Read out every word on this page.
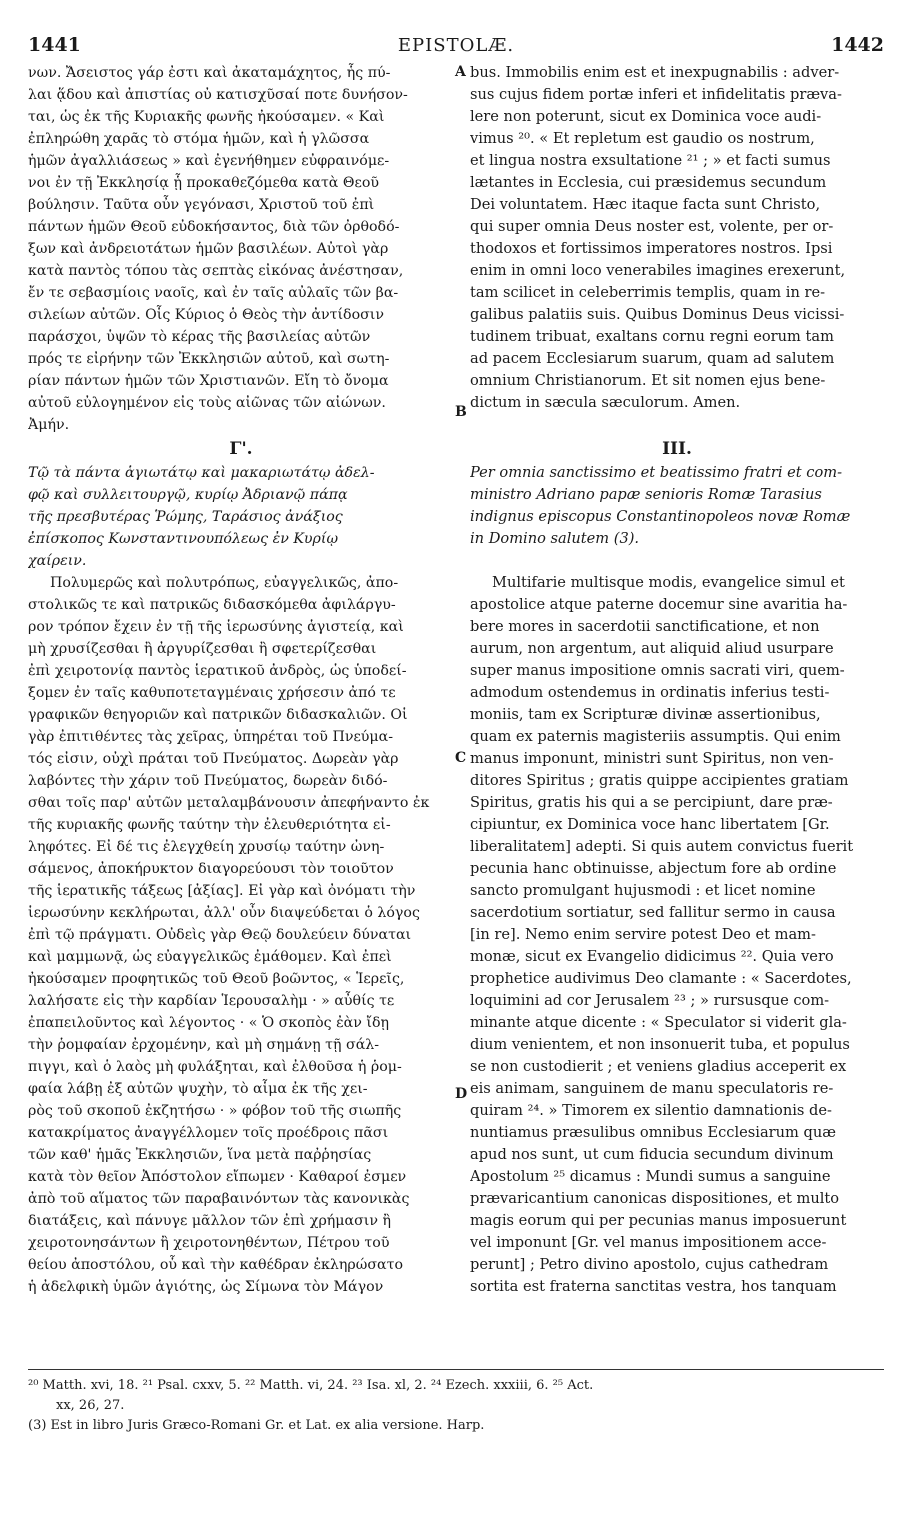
1441	EPISTOLÆ.	1442
νων. Ἄσειστος γάρ ἐστι καὶ ἀκαταμάχητος, ἧς πύ-
λαι ᾅδου καὶ ἀπιστίας οὐ κατισχῦσαί ποτε δυνήσον-
ται, ὡς ἐκ τῆς Κυριακῆς φωνῆς ἠκούσαμεν. « Καὶ
ἐπληρώθη χαρᾶς τὸ στόμα ἡμῶν, καὶ ἡ γλῶσσα
ἡμῶν ἀγαλλιάσεως » καὶ ἐγενήθημεν εὐφραινόμε-
νοι ἐν τῇ Ἐκκλησίᾳ ᾗ προκαθεζόμεθα κατὰ Θεοῦ
βούλησιν. Ταῦτα οὖν γεγόνασι, Χριστοῦ τοῦ ἐπὶ
πάντων ἡμῶν Θεοῦ εὐδοκήσαντος, διὰ τῶν ὀρθοδό-
ξων καὶ ἀνδρειοτάτων ἡμῶν βασιλέων. Αὐτοὶ γὰρ
κατὰ παντὸς τόπου τὰς σεπτὰς εἰκόνας ἀνέστησαν,
ἔν τε σεβασμίοις ναοῖς, καὶ ἐν ταῖς αὐλαῖς τῶν βα-
σιλείων αὐτῶν. Οἷς Κύριος ὁ Θεὸς τὴν ἀντίδοσιν
παράσχοι, ὑψῶν τὸ κέρας τῆς βασιλείας αὐτῶν
πρός τε εἰρήνην τῶν Ἐκκλησιῶν αὐτοῦ, καὶ σωτη-
ρίαν πάντων ἡμῶν τῶν Χριστιανῶν. Εἴη τὸ ὄνομα
αὐτοῦ εὐλογημένον εἰς τοὺς αἰῶνας τῶν αἰώνων.
Ἀμήν.
Γ'.
Τῷ τὰ πάντα ἁγιωτάτῳ καὶ μακαριωτάτῳ ἀδελ-
φῷ καὶ συλλειτουργῷ, κυρίῳ Ἀδριανῷ πάπᾳ
τῆς πρεσβυτέρας Ῥώμης, Ταράσιος ἀνάξιος
ἐπίσκοπος Κωνσταντινουπόλεως ἐν Κυρίῳ
χαίρειν.
Πολυμερῶς καὶ πολυτρόπως, εὐαγγελικῶς, ἀπο-
στολικῶς τε καὶ πατρικῶς διδασκόμεθα ἀφιλάργυ-
ρον τρόπον ἔχειν ἐν τῇ τῆς ἱερωσύνης ἁγιστείᾳ, καὶ
μὴ χρυσίζεσθαι ἢ ἀργυρίζεσθαι ἢ σφετερίζεσθαι
ἐπὶ χειροτονίᾳ παντὸς ἱερατικοῦ ἀνδρὸς, ὡς ὑποδεί-
ξομεν ἐν ταῖς καθυποτεταγμέναις χρήσεσιν ἀπό τε
γραφικῶν θεηγοριῶν καὶ πατρικῶν διδασκαλιῶν. Οἱ
γὰρ ἐπιτιθέντες τὰς χεῖρας, ὑπηρέται τοῦ Πνεύμα-
τός εἰσιν, οὐχὶ πράται τοῦ Πνεύματος. Δωρεὰν γὰρ
λαβόντες τὴν χάριν τοῦ Πνεύματος, δωρεὰν διδό-
σθαι τοῖς παρ' αὐτῶν μεταλαμβάνουσιν ἀπεφήναντο ἐκ
τῆς κυριακῆς φωνῆς ταύτην τὴν ἐλευθεριότητα εἰ-
ληφότες. Εἰ δέ τις ἐλεγχθείη χρυσίῳ ταύτην ὠνη-
σάμενος, ἀποκήρυκτον διαγορεύουσι τὸν τοιοῦτον
τῆς ἱερατικῆς τάξεως [ἀξίας]. Εἰ γὰρ καὶ ὀνόματι τὴν
ἱερωσύνην κεκλήρωται, ἀλλ' οὖν διαψεύδεται ὁ λόγος
ἐπὶ τῷ πράγματι. Οὐδεὶς γὰρ Θεῷ δουλεύειν δύναται
καὶ μαμμωνᾷ, ὡς εὐαγγελικῶς ἐμάθομεν. Καὶ ἐπεὶ
ἠκούσαμεν προφητικῶς τοῦ Θεοῦ βοῶντος, « Ἱερεῖς,
λαλήσατε εἰς τὴν καρδίαν Ἱερουσαλὴμ · » αὖθίς τε
ἐπαπειλοῦντος καὶ λέγοντος · « Ὁ σκοπὸς ἐὰν ἴδῃ
τὴν ῥομφαίαν ἐρχομένην, καὶ μὴ σημάνῃ τῇ σάλ-
πιγγι, καὶ ὁ λαὸς μὴ φυλάξηται, καὶ ἐλθοῦσα ἡ ῥομ-
φαία λάβῃ ἐξ αὐτῶν ψυχὴν, τὸ αἷμα ἐκ τῆς χει-
ρὸς τοῦ σκοποῦ ἐκζητήσω · » φόβον τοῦ τῆς σιωπῆς
κατακρίματος ἀναγγέλλομεν τοῖς προέδροις πᾶσι
τῶν καθ' ἡμᾶς Ἐκκλησιῶν, ἵνα μετὰ παῤῥησίας
κατὰ τὸν θεῖον Ἀπόστολον εἴπωμεν · Καθαροί ἐσμεν
ἀπὸ τοῦ αἵματος τῶν παραβαινόντων τὰς κανονικὰς
διατάξεις, καὶ πάνυγε μᾶλλον τῶν ἐπὶ χρήμασιν ἢ
χειροτονησάντων ἢ χειροτονηθέντων, Πέτρου τοῦ
θείου ἀποστόλου, οὗ καὶ τὴν καθέδραν ἐκληρώσατο
ἡ ἀδελφικὴ ὑμῶν ἁγιότης, ὡς Σίμωνα τὸν Μάγον
bus. Immobilis enim est et inexpugnabilis : adver-
sus cujus fidem portæ inferi et infidelitatis præva-
lere non poterunt, sicut ex Dominica voce audi-
vimus ²⁰. « Et repletum est gaudio os nostrum,
et lingua nostra exsultatione ²¹ ; » et facti sumus
lætantes in Ecclesia, cui præsidemus secundum
Dei voluntatem. Hæc itaque facta sunt Christo,
qui super omnia Deus noster est, volente, per or-
thodoxos et fortissimos imperatores nostros. Ipsi
enim in omni loco venerabiles imagines erexerunt,
tam scilicet in celeberrimis templis, quam in re-
galibus palatiis suis. Quibus Dominus Deus vicissi-
tudinem tribuat, exaltans cornu regni eorum tam
ad pacem Ecclesiarum suarum, quam ad salutem
omnium Christianorum. Et sit nomen ejus bene-
dictum in sæcula sæculorum. Amen.
III.
Per omnia sanctissimo et beatissimo fratri et com-
ministro Adriano papæ senioris Romæ Tarasius
indignus episcopus Constantinopoleos novæ Romæ
in Domino salutem (3).
Multifarie multisque modis, evangelice simul et
apostolice atque paterne docemur sine avaritia ha-
bere mores in sacerdotii sanctificatione, et non
aurum, non argentum, aut aliquid aliud usurpare
super manus impositione omnis sacrati viri, quem-
admodum ostendemus in ordinatis inferius testi-
moniis, tam ex Scripturæ divinæ assertionibus,
quam ex paternis magisteriis assumptis. Qui enim
manus imponunt, ministri sunt Spiritus, non ven-
ditores Spiritus ; gratis quippe accipientes gratiam
Spiritus, gratis his qui a se percipiunt, dare præ-
cipiuntur, ex Dominica voce hanc libertatem [Gr.
liberalitatem] adepti. Si quis autem convictus fuerit
pecunia hanc obtinuisse, abjectum fore ab ordine
sancto promulgant hujusmodi : et licet nomine
sacerdotium sortiatur, sed fallitur sermo in causa
[in re]. Nemo enim servire potest Deo et mam-
monæ, sicut ex Evangelio didicimus ²². Quia vero
prophetice audivimus Deo clamante : « Sacerdotes,
loquimini ad cor Jerusalem ²³ ; » rursusque com-
minante atque dicente : « Speculator si viderit gla-
dium venientem, et non insonuerit tuba, et populus
se non custodierit ; et veniens gladius acceperit ex
eis animam, sanguinem de manu speculatoris re-
quiram ²⁴. » Timorem ex silentio damnationis de-
nuntiamus præsulibus omnibus Ecclesiarum quæ
apud nos sunt, ut cum fiducia secundum divinum
Apostolum ²⁵ dicamus : Mundi sumus a sanguine
prævaricantium canonicas dispositiones, et multo
magis eorum qui per pecunias manus imposuerunt
vel imponunt [Gr. vel manus impositionem acce-
perunt] ; Petro divino apostolo, cujus cathedram
sortita est fraterna sanctitas vestra, hos tanquam
A
B
C
D
²⁰ Matth. xvi, 18. ²¹ Psal. cxxv, 5. ²² Matth. vi, 24. ²³ Isa. xl, 2. ²⁴ Ezech. xxxiii, 6. ²⁵ Act.
xx, 26, 27.
(3) Est in libro Juris Græco-Romani Gr. et Lat. ex alia versione. Harp.
